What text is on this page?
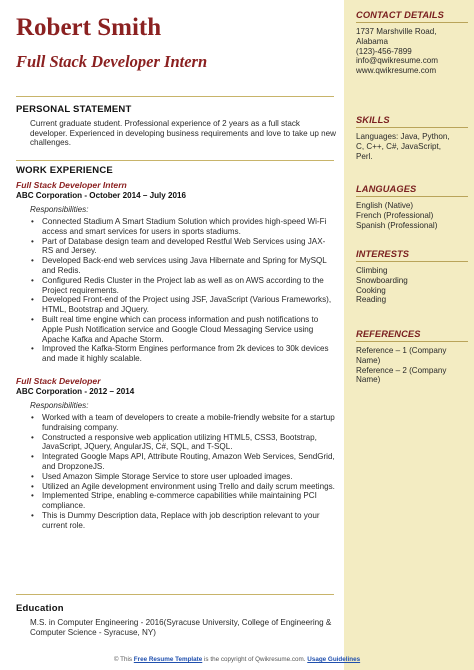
Robert Smith
Full Stack Developer Intern
PERSONAL STATEMENT
Current graduate student. Professional experience of 2 years as a full stack developer. Experienced in developing business requirements and love to take up new challenges.
WORK EXPERIENCE
Full Stack Developer Intern
ABC Corporation - October 2014 – July 2016
Responsibilities:
• Connected Stadium A Smart Stadium Solution which provides high-speed Wi-Fi access and smart services for users in sports stadiums.
• Part of Database design team and developed Restful Web Services using JAX-RS and Jersey.
• Developed Back-end web services using Java Hibernate and Spring for MySQL and Redis.
• Configured Redis Cluster in the Project lab as well as on AWS according to the Project requirements.
• Developed Front-end of the Project using JSF, JavaScript (Various Frameworks), HTML, Bootstrap and JQuery.
• Built real time engine which can process information and push notifications to Apple Push Notification service and Google Cloud Messaging Service using Apache Kafka and Apache Storm.
• Improved the Kafka-Storm Engines performance from 2k devices to 30k devices and made it highly scalable.
Full Stack Developer
ABC Corporation - 2012 – 2014
Responsibilities:
• Worked with a team of developers to create a mobile-friendly website for a startup fundraising company.
• Constructed a responsive web application utilizing HTML5, CSS3, Bootstrap, JavaScript, JQuery, AngularJS, C#, SQL, and T-SQL.
• Integrated Google Maps API, Attribute Routing, Amazon Web Services, SendGrid, and DropzoneJS.
• Used Amazon Simple Storage Service to store user uploaded images.
• Utilized an Agile development environment using Trello and daily scrum meetings.
• Implemented Stripe, enabling e-commerce capabilities while maintaining PCI compliance.
• This is Dummy Description data, Replace with job description relevant to your current role.
Education
M.S. in Computer Engineering - 2016(Syracuse University, College of Engineering & Computer Science - Syracuse, NY)
CONTACT DETAILS
1737 Marshville Road,
Alabama
(123)-456-7899
info@qwikresume.com
www.qwikresume.com
SKILLS
Languages: Java, Python,
C, C++, C#, JavaScript,
Perl.
LANGUAGES
English (Native)
French (Professional)
Spanish (Professional)
INTERESTS
Climbing
Snowboarding
Cooking
Reading
REFERENCES
Reference – 1 (Company
Name)
Reference – 2 (Company
Name)
© This Free Resume Template is the copyright of Qwikresume.com. Usage Guidelines
